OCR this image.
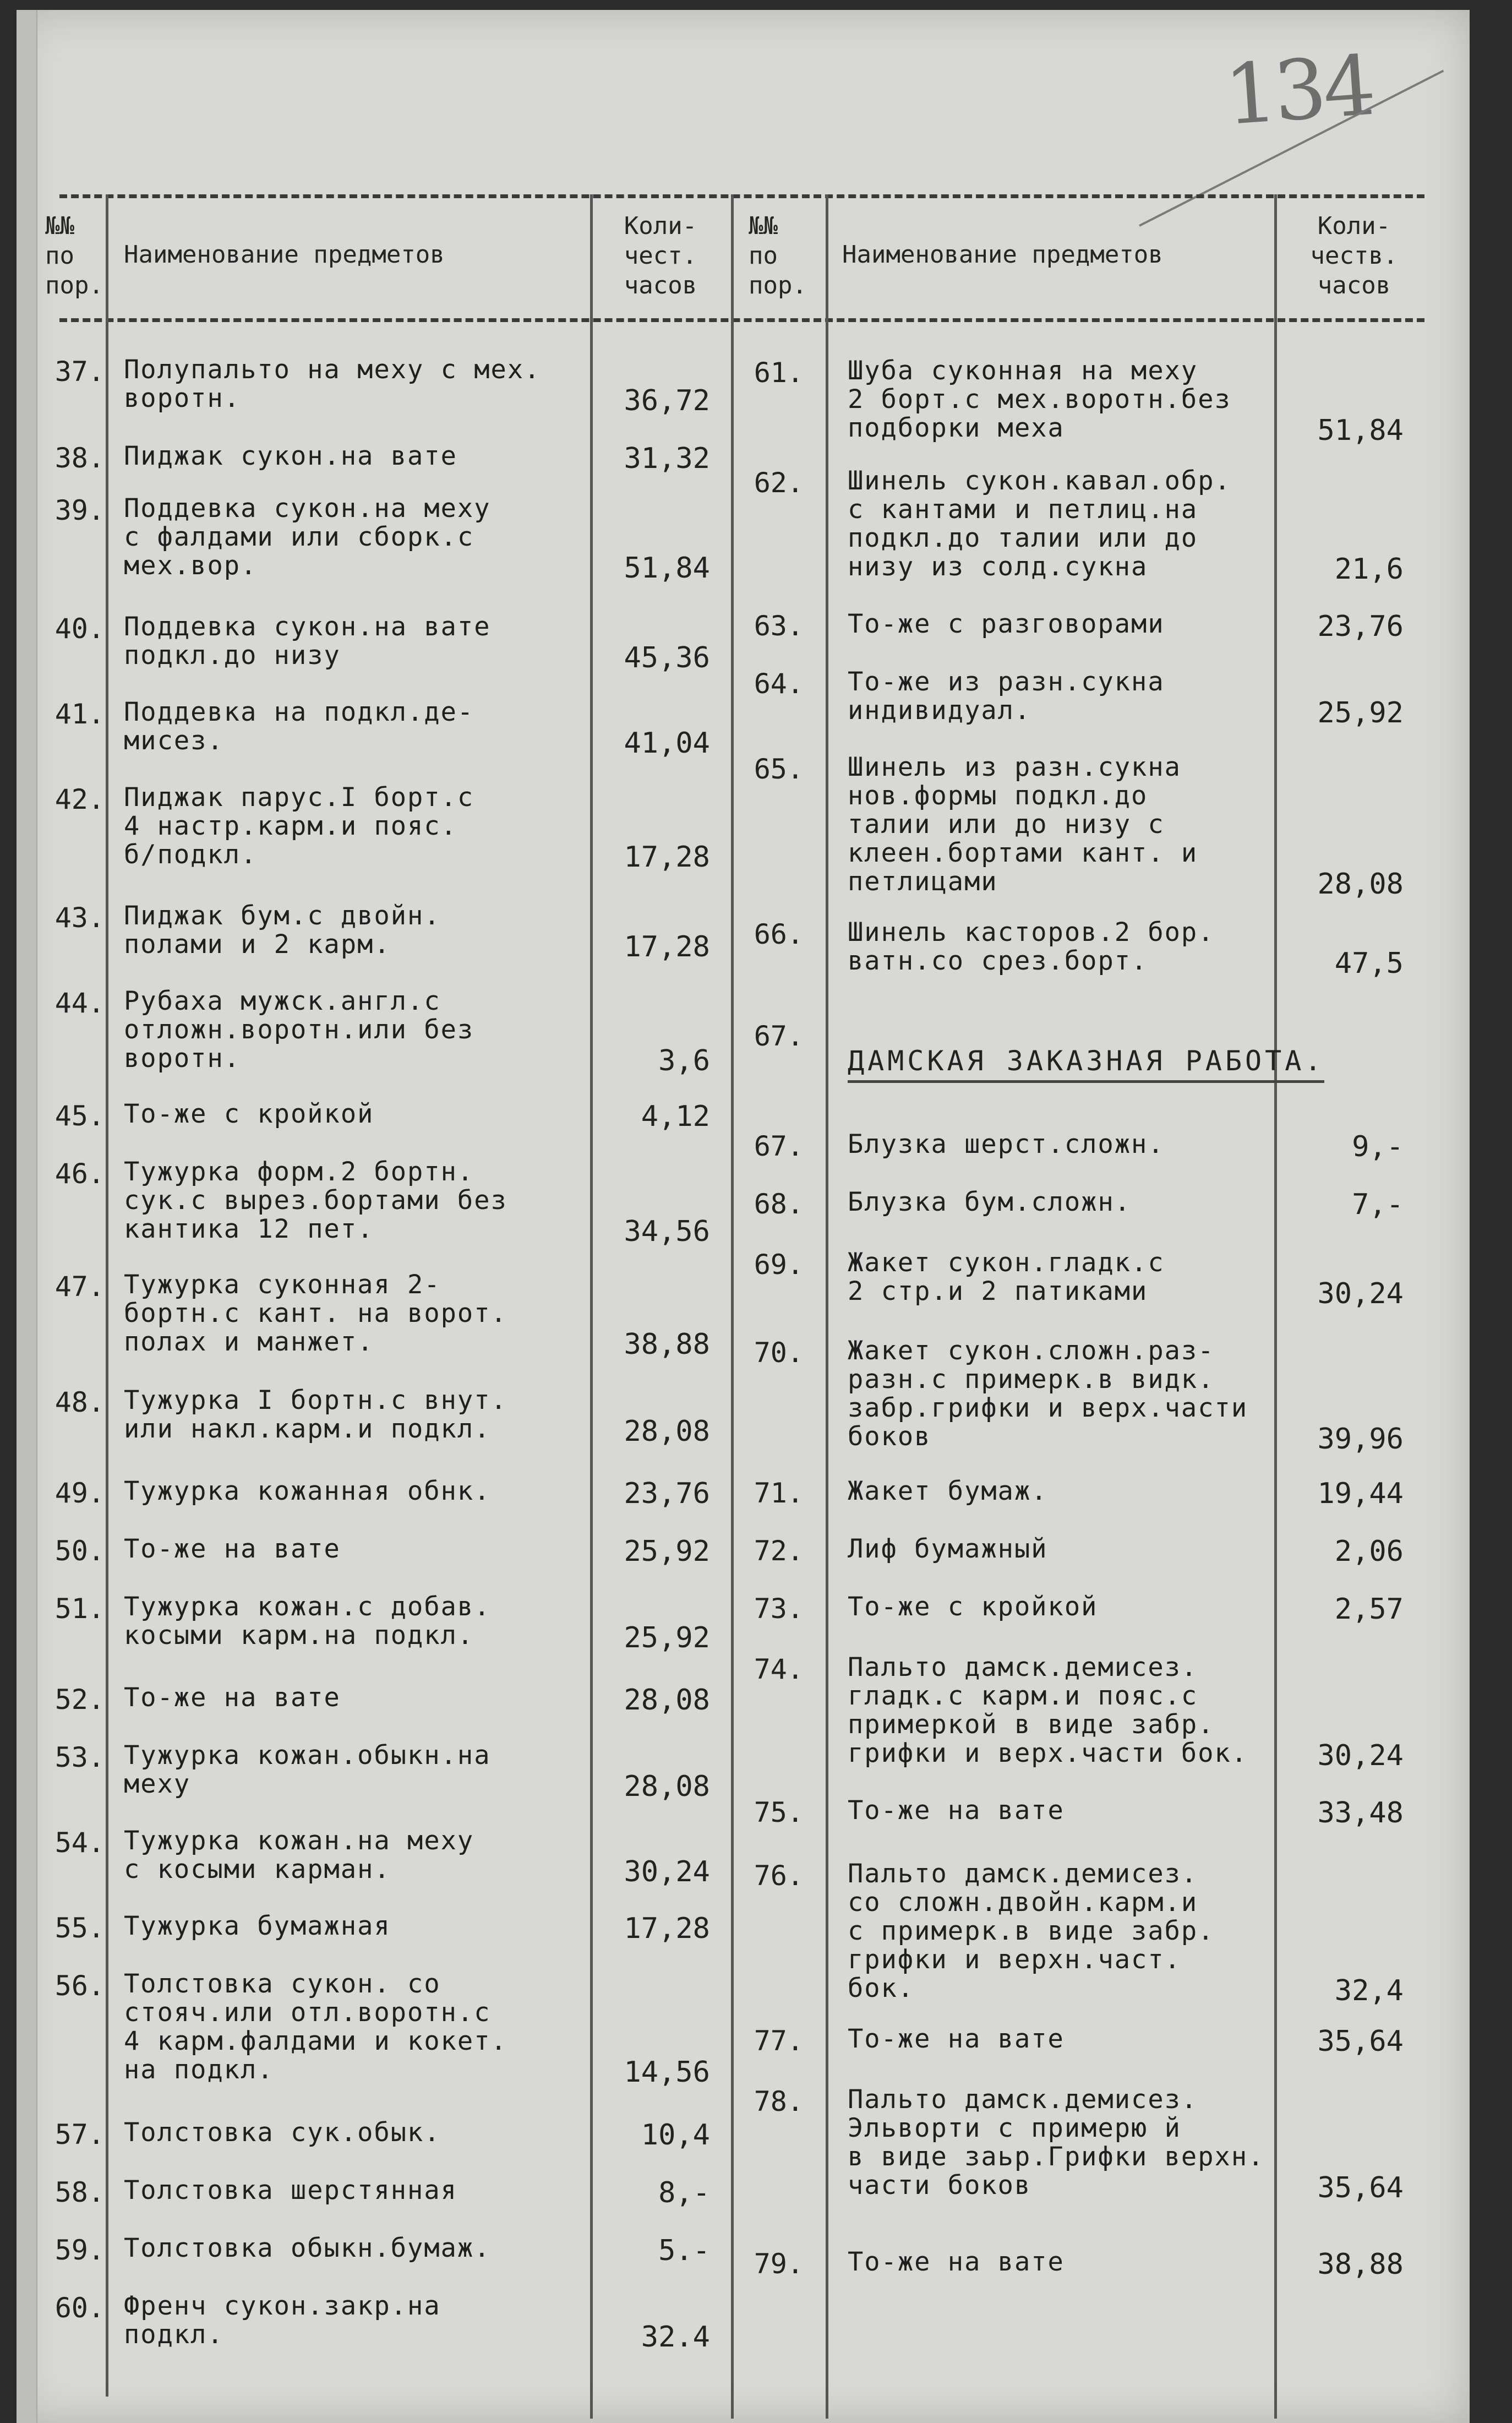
134
№№
по
пор.
Наименование предметов
Коли-
чест.
часов
№№
по
пор.
Наименование предметов
Коли-
честв.
часов
ДАМСКАЯ ЗАКАЗНАЯ РАБОТА.
37. Полупальто на меху с мех.
воротн.	36,72
38. Пиджак сукон.на вате	31,32
39. Поддевка сукон.на меху
с фалдами или сборк.с
мех.вор.	51,84
40. Поддевка сукон.на вате
подкл.до низу	45,36
41. Поддевка на подкл.де-
мисез.	41,04
42. Пиджак парус.I борт.с
4 настр.карм.и пояс.
б/подкл.	17,28
43. Пиджак бум.с двойн.
полами и 2 карм.	17,28
44. Рубаха мужск.англ.с
отложн.воротн.или без
воротн.	3,6
45. То-же с кройкой	4,12
46. Тужурка форм.2 бортн.
сук.с вырез.бортами без
кантика 12 пет.	34,56
47. Тужурка суконная 2-
бортн.с кант. на ворот.
полах и манжет.	38,88
48. Тужурка I бортн.с внут.
или накл.карм.и подкл.	28,08
49. Тужурка кожанная обнк.	23,76
50. То-же на вате	25,92
51. Тужурка кожан.с добав.
косыми карм.на подкл.	25,92
52. То-же на вате	28,08
53. Тужурка кожан.обыкн.на
меху	28,08
54. Тужурка кожан.на меху
с косыми карман.	30,24
55. Тужурка бумажная	17,28
56. Толстовка сукон. со
стояч.или отл.воротн.с
4 карм.фалдами и кокет.
на подкл.	14,56
57. Толстовка сук.обык.	10,4
58. Толстовка шерстянная	8,-
59. Толстовка обыкн.бумаж.	5.-
60. Френч сукон.закр.на
подкл.	32.4
61. Шуба суконная на меху
2 борт.с мех.воротн.без
подборки меха	51,84
62. Шинель сукон.кавал.обр.
с кантами и петлиц.на
подкл.до талии или до
низу из солд.сукна	21,6
63. То-же с разговорами	23,76
64. То-же из разн.сукна
индивидуал.	25,92
65. Шинель из разн.сукна
нов.формы подкл.до
талии или до низу с
клеен.бортами кант. и
петлицами	28,08
66. Шинель касторов.2 бор.
ватн.со срез.борт.	47,5
67.
67. Блузка шерст.сложн.	9,-
68. Блузка бум.сложн.	7,-
69. Жакет сукон.гладк.с
2 стр.и 2 патиками	30,24
70. Жакет сукон.сложн.раз-
разн.с примерк.в видк.
забр.грифки и верх.части
боков	39,96
71. Жакет бумаж.	19,44
72. Лиф бумажный	2,06
73. То-же с кройкой	2,57
74. Пальто дамск.демисез.
гладк.с карм.и пояс.с
примеркой в виде забр.
грифки и верх.части бок.	30,24
75. То-же на вате	33,48
76. Пальто дамск.демисез.
со сложн.двойн.карм.и
с примерк.в виде забр.
грифки и верхн.част.
бок.	32,4
77. То-же на вате	35,64
78. Пальто дамск.демисез.
Эльворти с примерю й
в виде заьр.Грифки верхн.
части боков	35,64
79. То-же на вате	38,88
